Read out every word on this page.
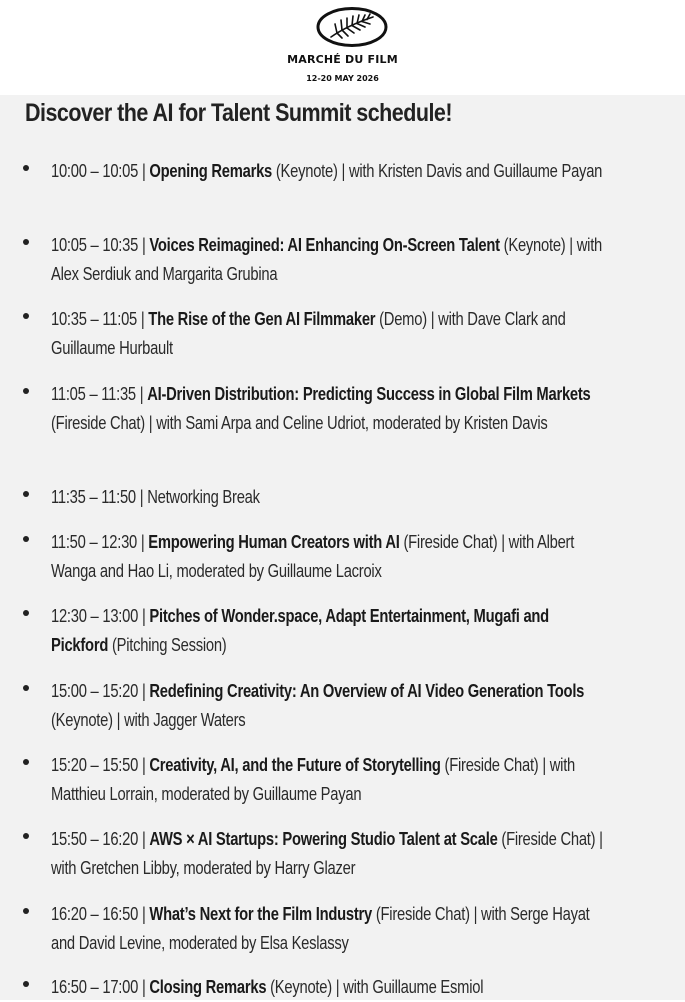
MARCHÉ DU FILM
12-20 MAY 2026
Discover the AI for Talent Summit schedule!
10:00 – 10:05 | Opening Remarks (Keynote) | with Kristen Davis and Guillaume Payan
10:05 – 10:35 | Voices Reimagined: AI Enhancing On-Screen Talent (Keynote) | with Alex Serdiuk and Margarita Grubina
10:35 – 11:05 | The Rise of the Gen AI Filmmaker (Demo) | with Dave Clark and Guillaume Hurbault
11:05 – 11:35 | AI-Driven Distribution: Predicting Success in Global Film Markets (Fireside Chat) | with Sami Arpa and Celine Udriot, moderated by Kristen Davis
11:35 – 11:50 | Networking Break
11:50 – 12:30 | Empowering Human Creators with AI (Fireside Chat) | with Albert Wanga and Hao Li, moderated by Guillaume Lacroix
12:30 – 13:00 | Pitches of Wonder.space, Adapt Entertainment, Mugafi and Pickford (Pitching Session)
15:00 – 15:20 | Redefining Creativity: An Overview of AI Video Generation Tools (Keynote) | with Jagger Waters
15:20 – 15:50 | Creativity, AI, and the Future of Storytelling (Fireside Chat) | with Matthieu Lorrain, moderated by Guillaume Payan
15:50 – 16:20 | AWS × AI Startups: Powering Studio Talent at Scale (Fireside Chat) | with Gretchen Libby, moderated by Harry Glazer
16:20 – 16:50 | What’s Next for the Film Industry (Fireside Chat) | with Serge Hayat and David Levine, moderated by Elsa Keslassy
16:50 – 17:00 | Closing Remarks (Keynote) | with Guillaume Esmiol
